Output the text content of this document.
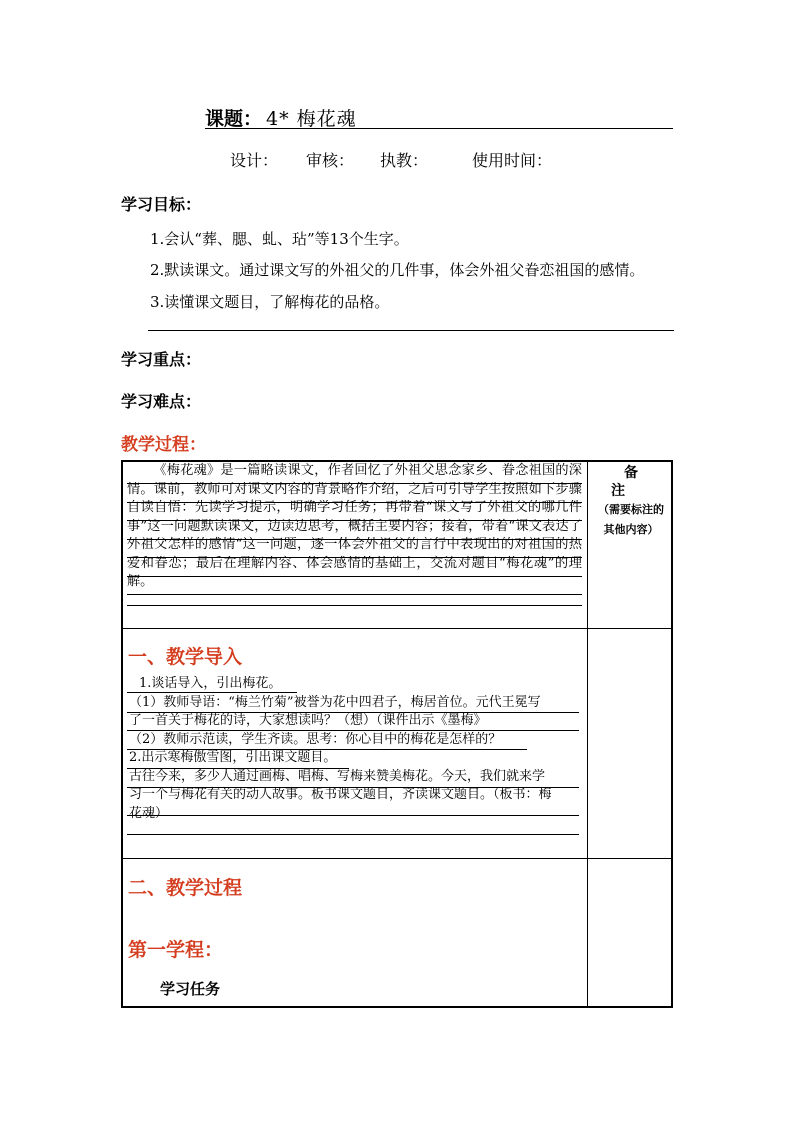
课题： 4* 梅花魂
设计： 审核： 执教：	使用时间：
学习目标：
1.会认“葬、腮、虬、玷”等13个生字。
2.默读课文。通过课文写的外祖父的几件事，体会外祖父眷恋祖国的感情。
3.读懂课文题目，了解梅花的品格。
学习重点：
学习难点：
教学过程：

《梅花魂》是一篇略读课文，作者回忆了外祖父思念家乡、眷念祖国的深情。课前，教师可对课文内容的背景略作介绍，之后可引导学生按照如下步骤自读自悟：先读学习提示，明确学习任务；再带着“课文写了外祖父的哪几件事”这一问题默读课文，边读边思考，概括主要内容；接着，带着“课文表达了外祖父怎样的感情“这一问题，逐一体会外祖父的言行中表现出的对祖国的热爱和眷恋；最后在理解内容、体会感情的基础上，交流对题目“梅花魂”的理解。

备
注
（需要标注的其他内容）
一、教学导入
1.谈话导入，引出梅花。
（1）教师导语：“梅兰竹菊”被誉为花中四君子，梅居首位。元代王冕写
了一首关于梅花的诗，大家想读吗？（想）（课件出示《墨梅》
（2）教师示范读，学生齐读。思考：你心目中的梅花是怎样的？
2.出示寒梅傲雪图，引出课文题目。
古往今来，多少人通过画梅、唱梅、写梅来赞美梅花。今天，我们就来学
习一个与梅花有关的动人故事。板书课文题目，齐读课文题目。（板书：梅
花魂）
二、教学过程
第一学程：
学习任务
